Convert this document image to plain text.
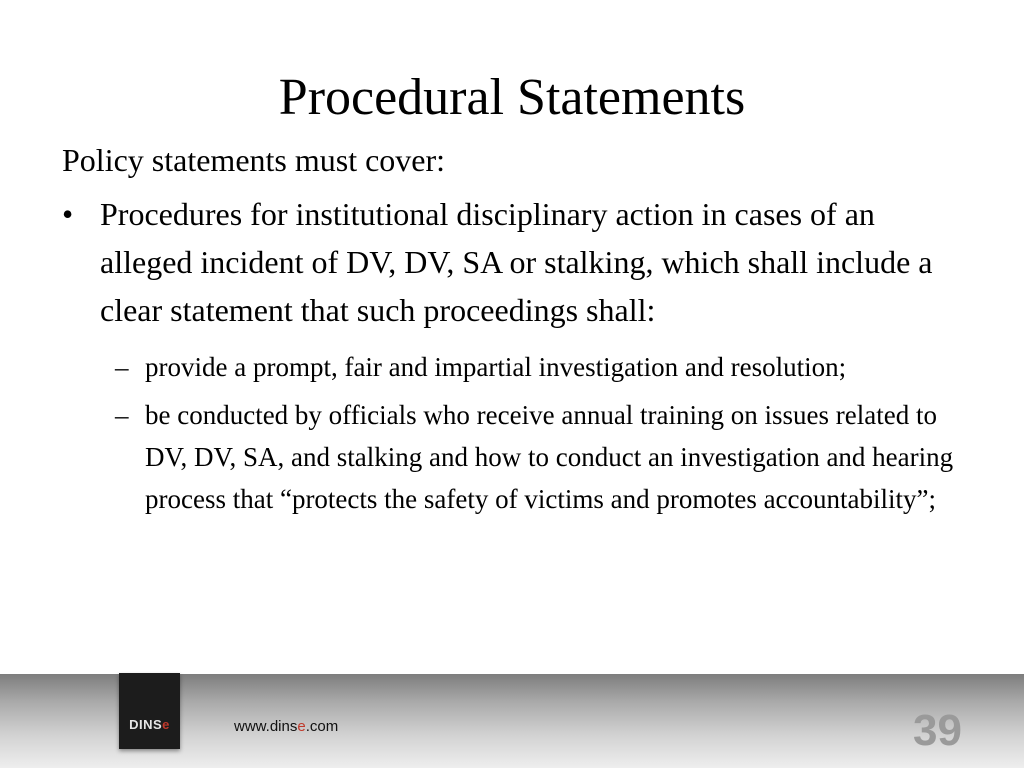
Procedural Statements

Policy statements must cover:

• Procedures for institutional disciplinary action in cases of an alleged incident of DV, DV, SA or stalking, which shall include a clear statement that such proceedings shall:
– provide a prompt, fair and impartial investigation and resolution;
– be conducted by officials who receive annual training on issues related to DV, DV, SA, and stalking and how to conduct an investigation and hearing process that “protects the safety of victims and promotes accountability”;
DINSe	www.dinse.com	39
